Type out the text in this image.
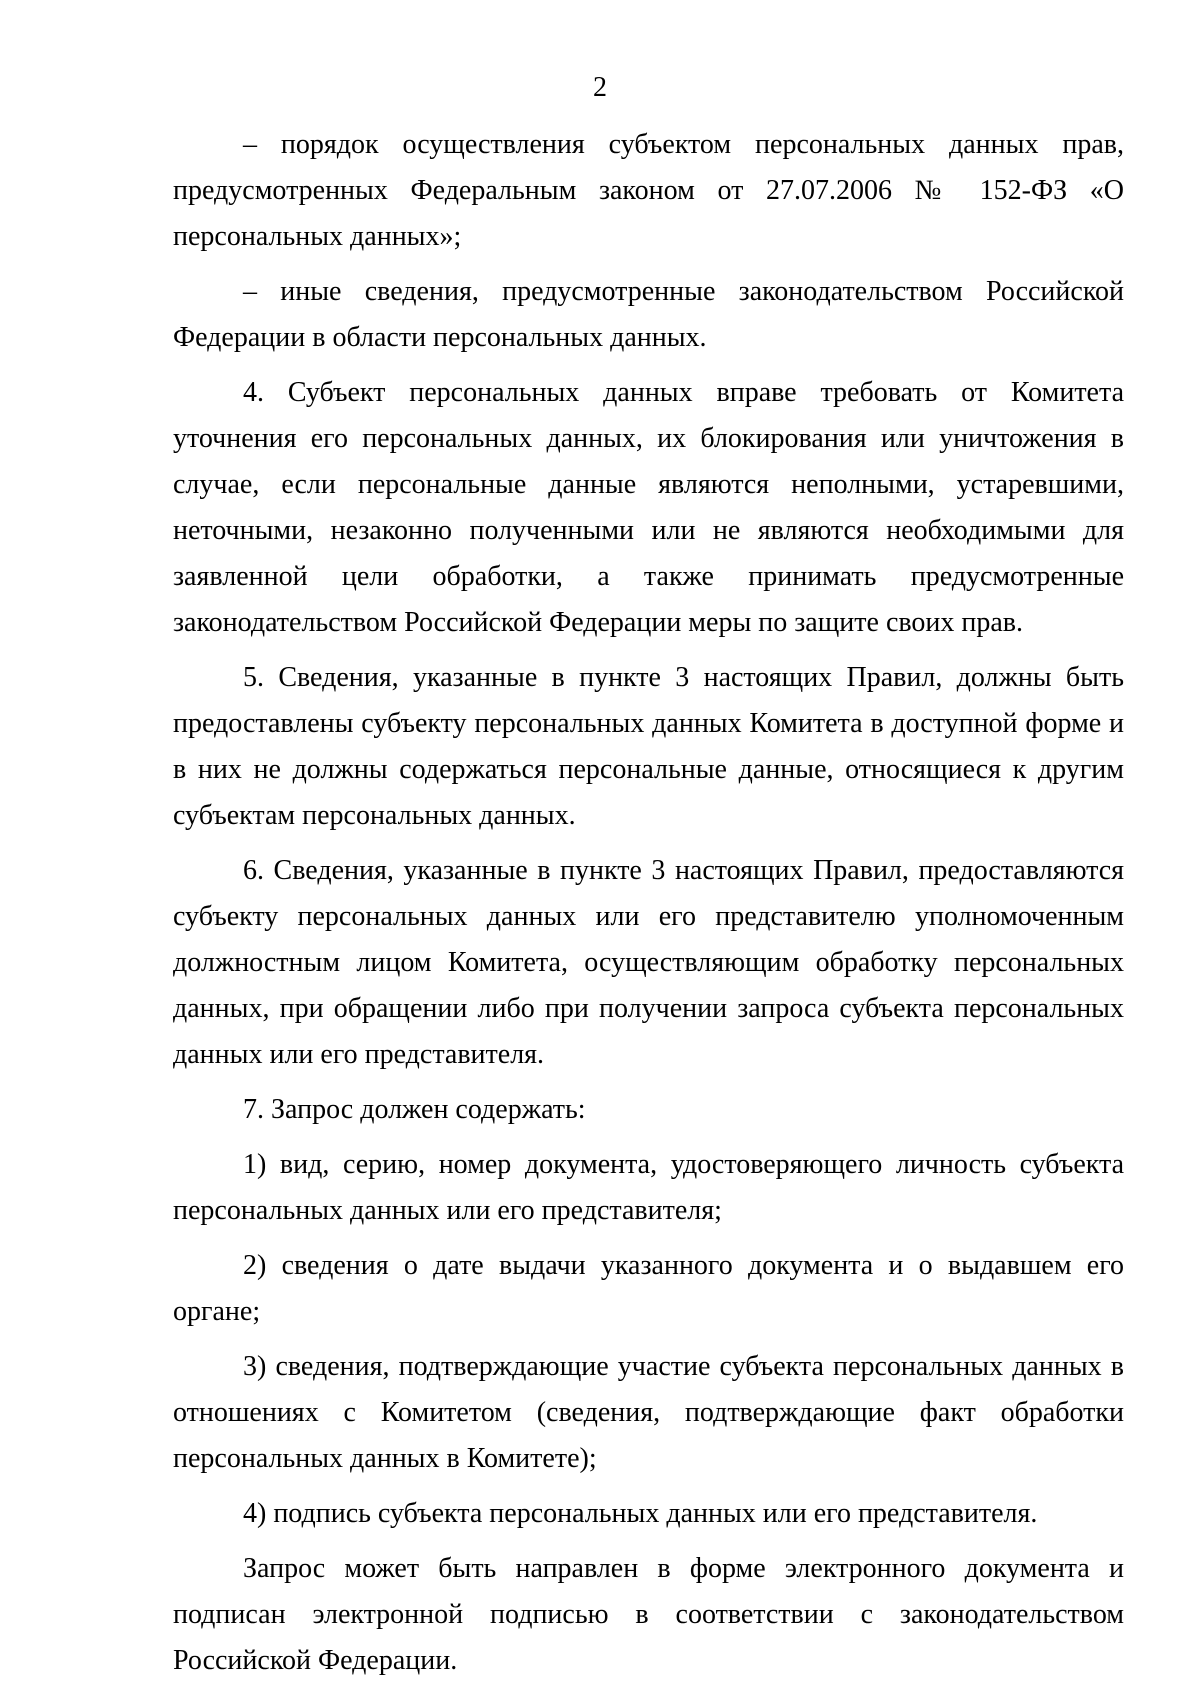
2

– порядок осуществления субъектом персональных данных прав, предусмотренных Федеральным законом от 27.07.2006 № 152-ФЗ «О персональных данных»;

– иные сведения, предусмотренные законодательством Российской Федерации в области персональных данных.

4. Субъект персональных данных вправе требовать от Комитета уточнения его персональных данных, их блокирования или уничтожения в случае, если персональные данные являются неполными, устаревшими, неточными, незаконно полученными или не являются необходимыми для заявленной цели обработки, а также принимать предусмотренные законодательством Российской Федерации меры по защите своих прав.

5. Сведения, указанные в пункте 3 настоящих Правил, должны быть предоставлены субъекту персональных данных Комитета в доступной форме и в них не должны содержаться персональные данные, относящиеся к другим субъектам персональных данных.

6. Сведения, указанные в пункте 3 настоящих Правил, предоставляются субъекту персональных данных или его представителю уполномоченным должностным лицом Комитета, осуществляющим обработку персональных данных, при обращении либо при получении запроса субъекта персональных данных или его представителя.

7. Запрос должен содержать:

1) вид, серию, номер документа, удостоверяющего личность субъекта персональных данных или его представителя;

2) сведения о дате выдачи указанного документа и о выдавшем его органе;

3) сведения, подтверждающие участие субъекта персональных данных в отношениях с Комитетом (сведения, подтверждающие факт обработки персональных данных в Комитете);

4) подпись субъекта персональных данных или его представителя.

Запрос может быть направлен в форме электронного документа и подписан электронной подписью в соответствии с законодательством Российской Федерации.
